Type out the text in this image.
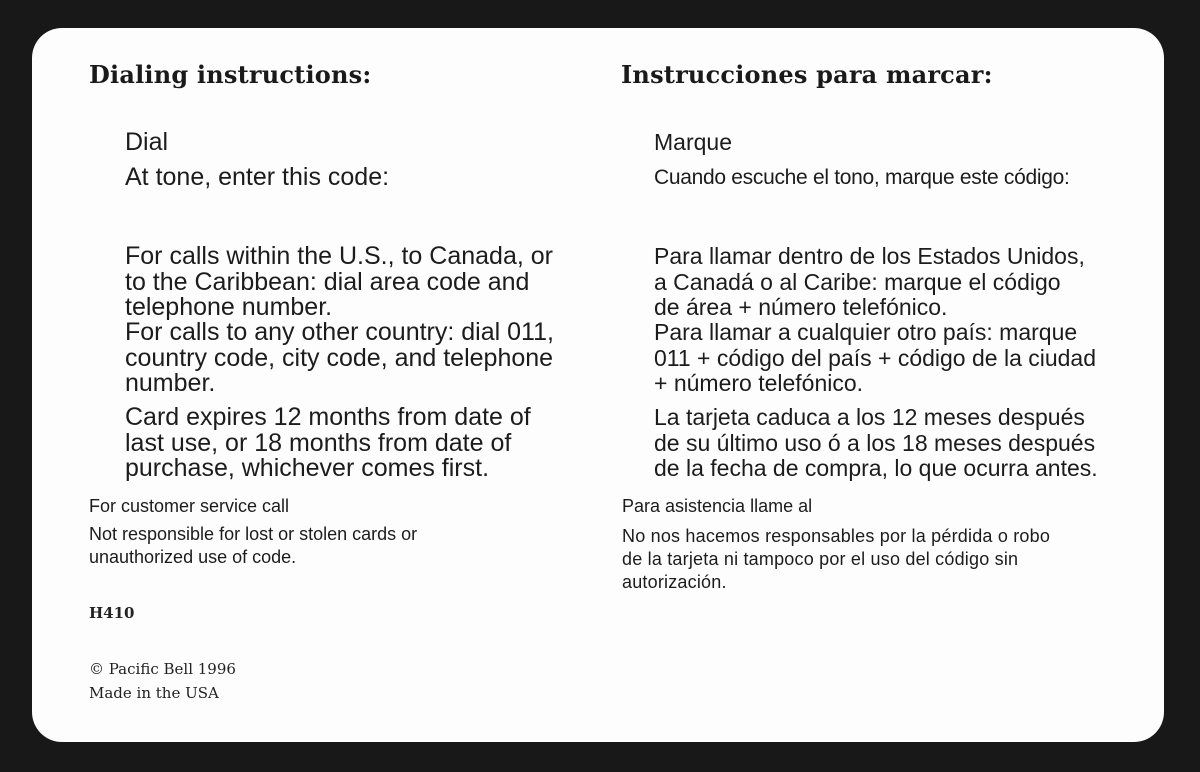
Dialing instructions:
Dial
At tone, enter this code:
For calls within the U.S., to Canada, or
to the Caribbean: dial area code and
telephone number.
For calls to any other country: dial 011,
country code, city code, and telephone
number.
Card expires 12 months from date of
last use, or 18 months from date of
purchase, whichever comes first.
For customer service call
Not responsible for lost or stolen cards or
unauthorized use of code.
H410
© Pacific Bell 1996
Made in the USA
Instrucciones para marcar:
Marque
Cuando escuche el tono, marque este código:
Para llamar dentro de los Estados Unidos,
a Canadá o al Caribe: marque el código
de área + número telefónico.
Para llamar a cualquier otro país: marque
011 + código del país + código de la ciudad
+ número telefónico.
La tarjeta caduca a los 12 meses después
de su último uso ó a los 18 meses después
de la fecha de compra, lo que ocurra antes.
Para asistencia llame al
No nos hacemos responsables por la pérdida o robo
de la tarjeta ni tampoco por el uso del código sin
autorización.
